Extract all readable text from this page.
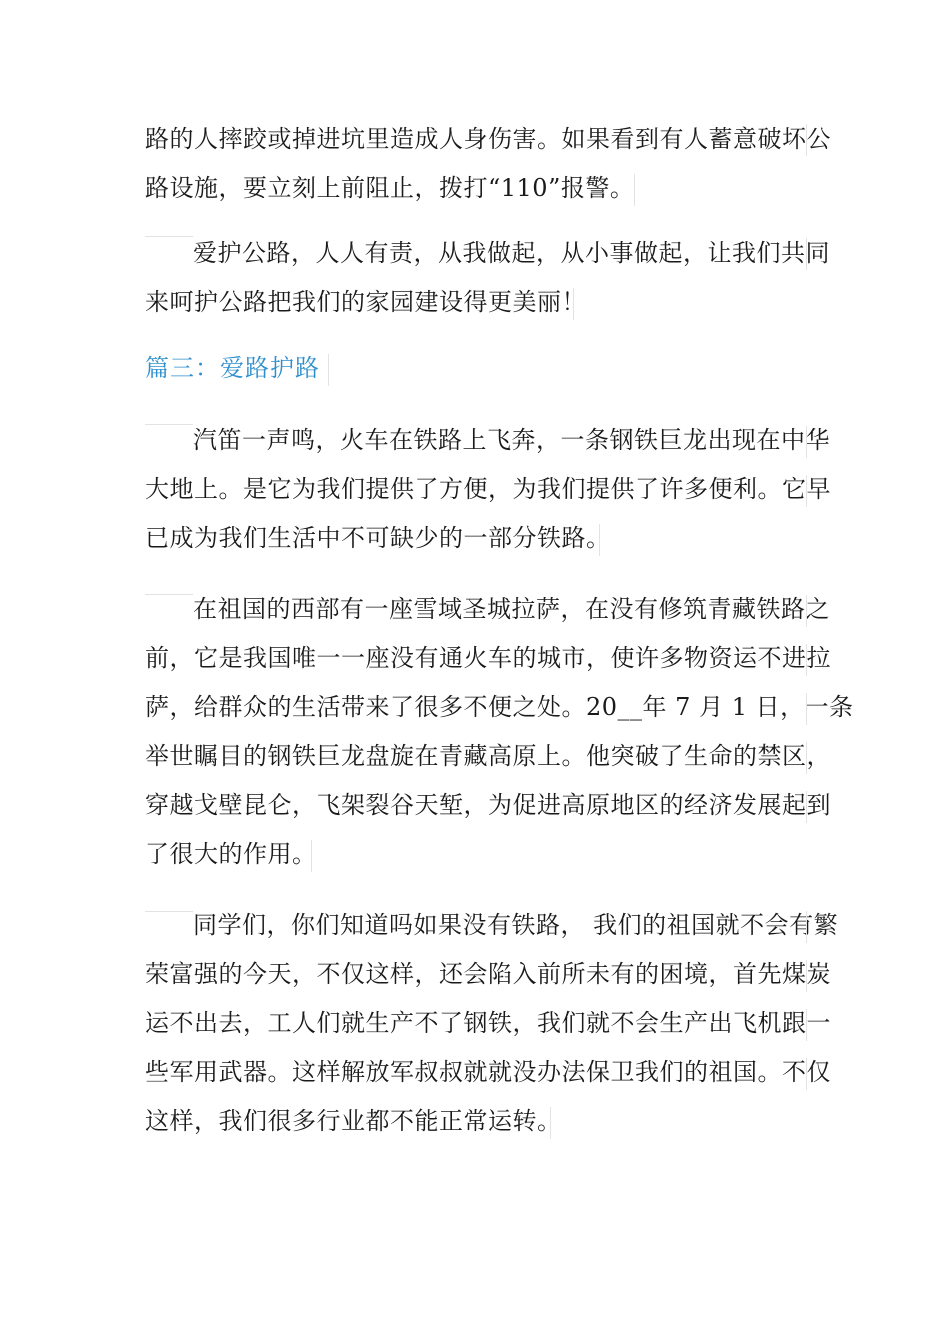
路的人摔跤或掉进坑里造成人身伤害。如果看到有人蓄意破坏公
路设施，要立刻上前阻止，拨打“110”报警。
爱护公路，人人有责，从我做起，从小事做起，让我们共同
来呵护公路把我们的家园建设得更美丽！
篇三：爱路护路
汽笛一声鸣，火车在铁路上飞奔，一条钢铁巨龙出现在中华
大地上。是它为我们提供了方便，为我们提供了许多便利。它早
已成为我们生活中不可缺少的一部分铁路。
在祖国的西部有一座雪域圣城拉萨，在没有修筑青藏铁路之
前，它是我国唯一一座没有通火车的城市，使许多物资运不进拉
萨，给群众的生活带来了很多不便之处。20__年 7 月 1 日，一条
举世瞩目的钢铁巨龙盘旋在青藏高原上。他突破了生命的禁区，
穿越戈壁昆仑，飞架裂谷天堑，为促进高原地区的经济发展起到
了很大的作用。
同学们，你们知道吗如果没有铁路， 我们的祖国就不会有繁
荣富强的今天，不仅这样，还会陷入前所未有的困境，首先煤炭
运不出去，工人们就生产不了钢铁，我们就不会生产出飞机跟一
些军用武器。这样解放军叔叔就就没办法保卫我们的祖国。不仅
这样，我们很多行业都不能正常运转。
